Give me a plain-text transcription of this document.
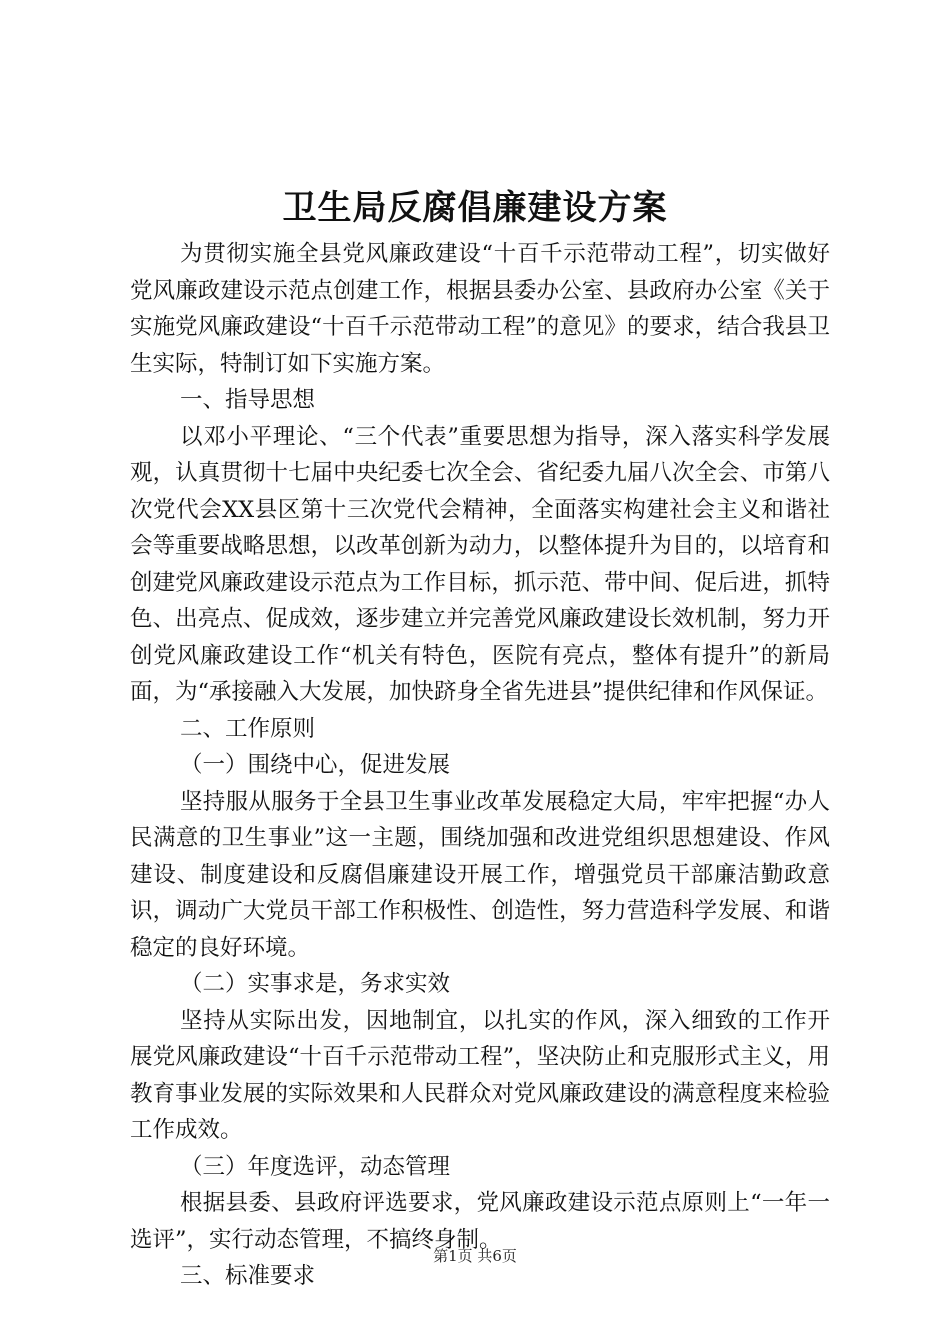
卫生局反腐倡廉建设方案

为贯彻实施全县党风廉政建设“十百千示范带动工程”，切实做好党风廉政建设示范点创建工作，根据县委办公室、县政府办公室《关于实施党风廉政建设“十百千示范带动工程”的意见》的要求，结合我县卫生实际，特制订如下实施方案。

一、指导思想

以邓小平理论、“三个代表”重要思想为指导，深入落实科学发展观，认真贯彻十七届中央纪委七次全会、省纪委九届八次全会、市第八次党代会XX县区第十三次党代会精神，全面落实构建社会主义和谐社会等重要战略思想，以改革创新为动力，以整体提升为目的，以培育和创建党风廉政建设示范点为工作目标，抓示范、带中间、促后进，抓特色、出亮点、促成效，逐步建立并完善党风廉政建设长效机制，努力开创党风廉政建设工作“机关有特色，医院有亮点，整体有提升”的新局面，为“承接融入大发展，加快跻身全省先进县”提供纪律和作风保证。

二、工作原则

（一）围绕中心，促进发展

坚持服从服务于全县卫生事业改革发展稳定大局，牢牢把握“办人民满意的卫生事业”这一主题，围绕加强和改进党组织思想建设、作风建设、制度建设和反腐倡廉建设开展工作，增强党员干部廉洁勤政意识，调动广大党员干部工作积极性、创造性，努力营造科学发展、和谐稳定的良好环境。

（二）实事求是，务求实效

坚持从实际出发，因地制宜，以扎实的作风，深入细致的工作开展党风廉政建设“十百千示范带动工程”，坚决防止和克服形式主义，用教育事业发展的实际效果和人民群众对党风廉政建设的满意程度来检验工作成效。

（三）年度选评，动态管理

根据县委、县政府评选要求，党风廉政建设示范点原则上“一年一选评”，实行动态管理，不搞终身制。

三、标准要求

第1页 共6页
